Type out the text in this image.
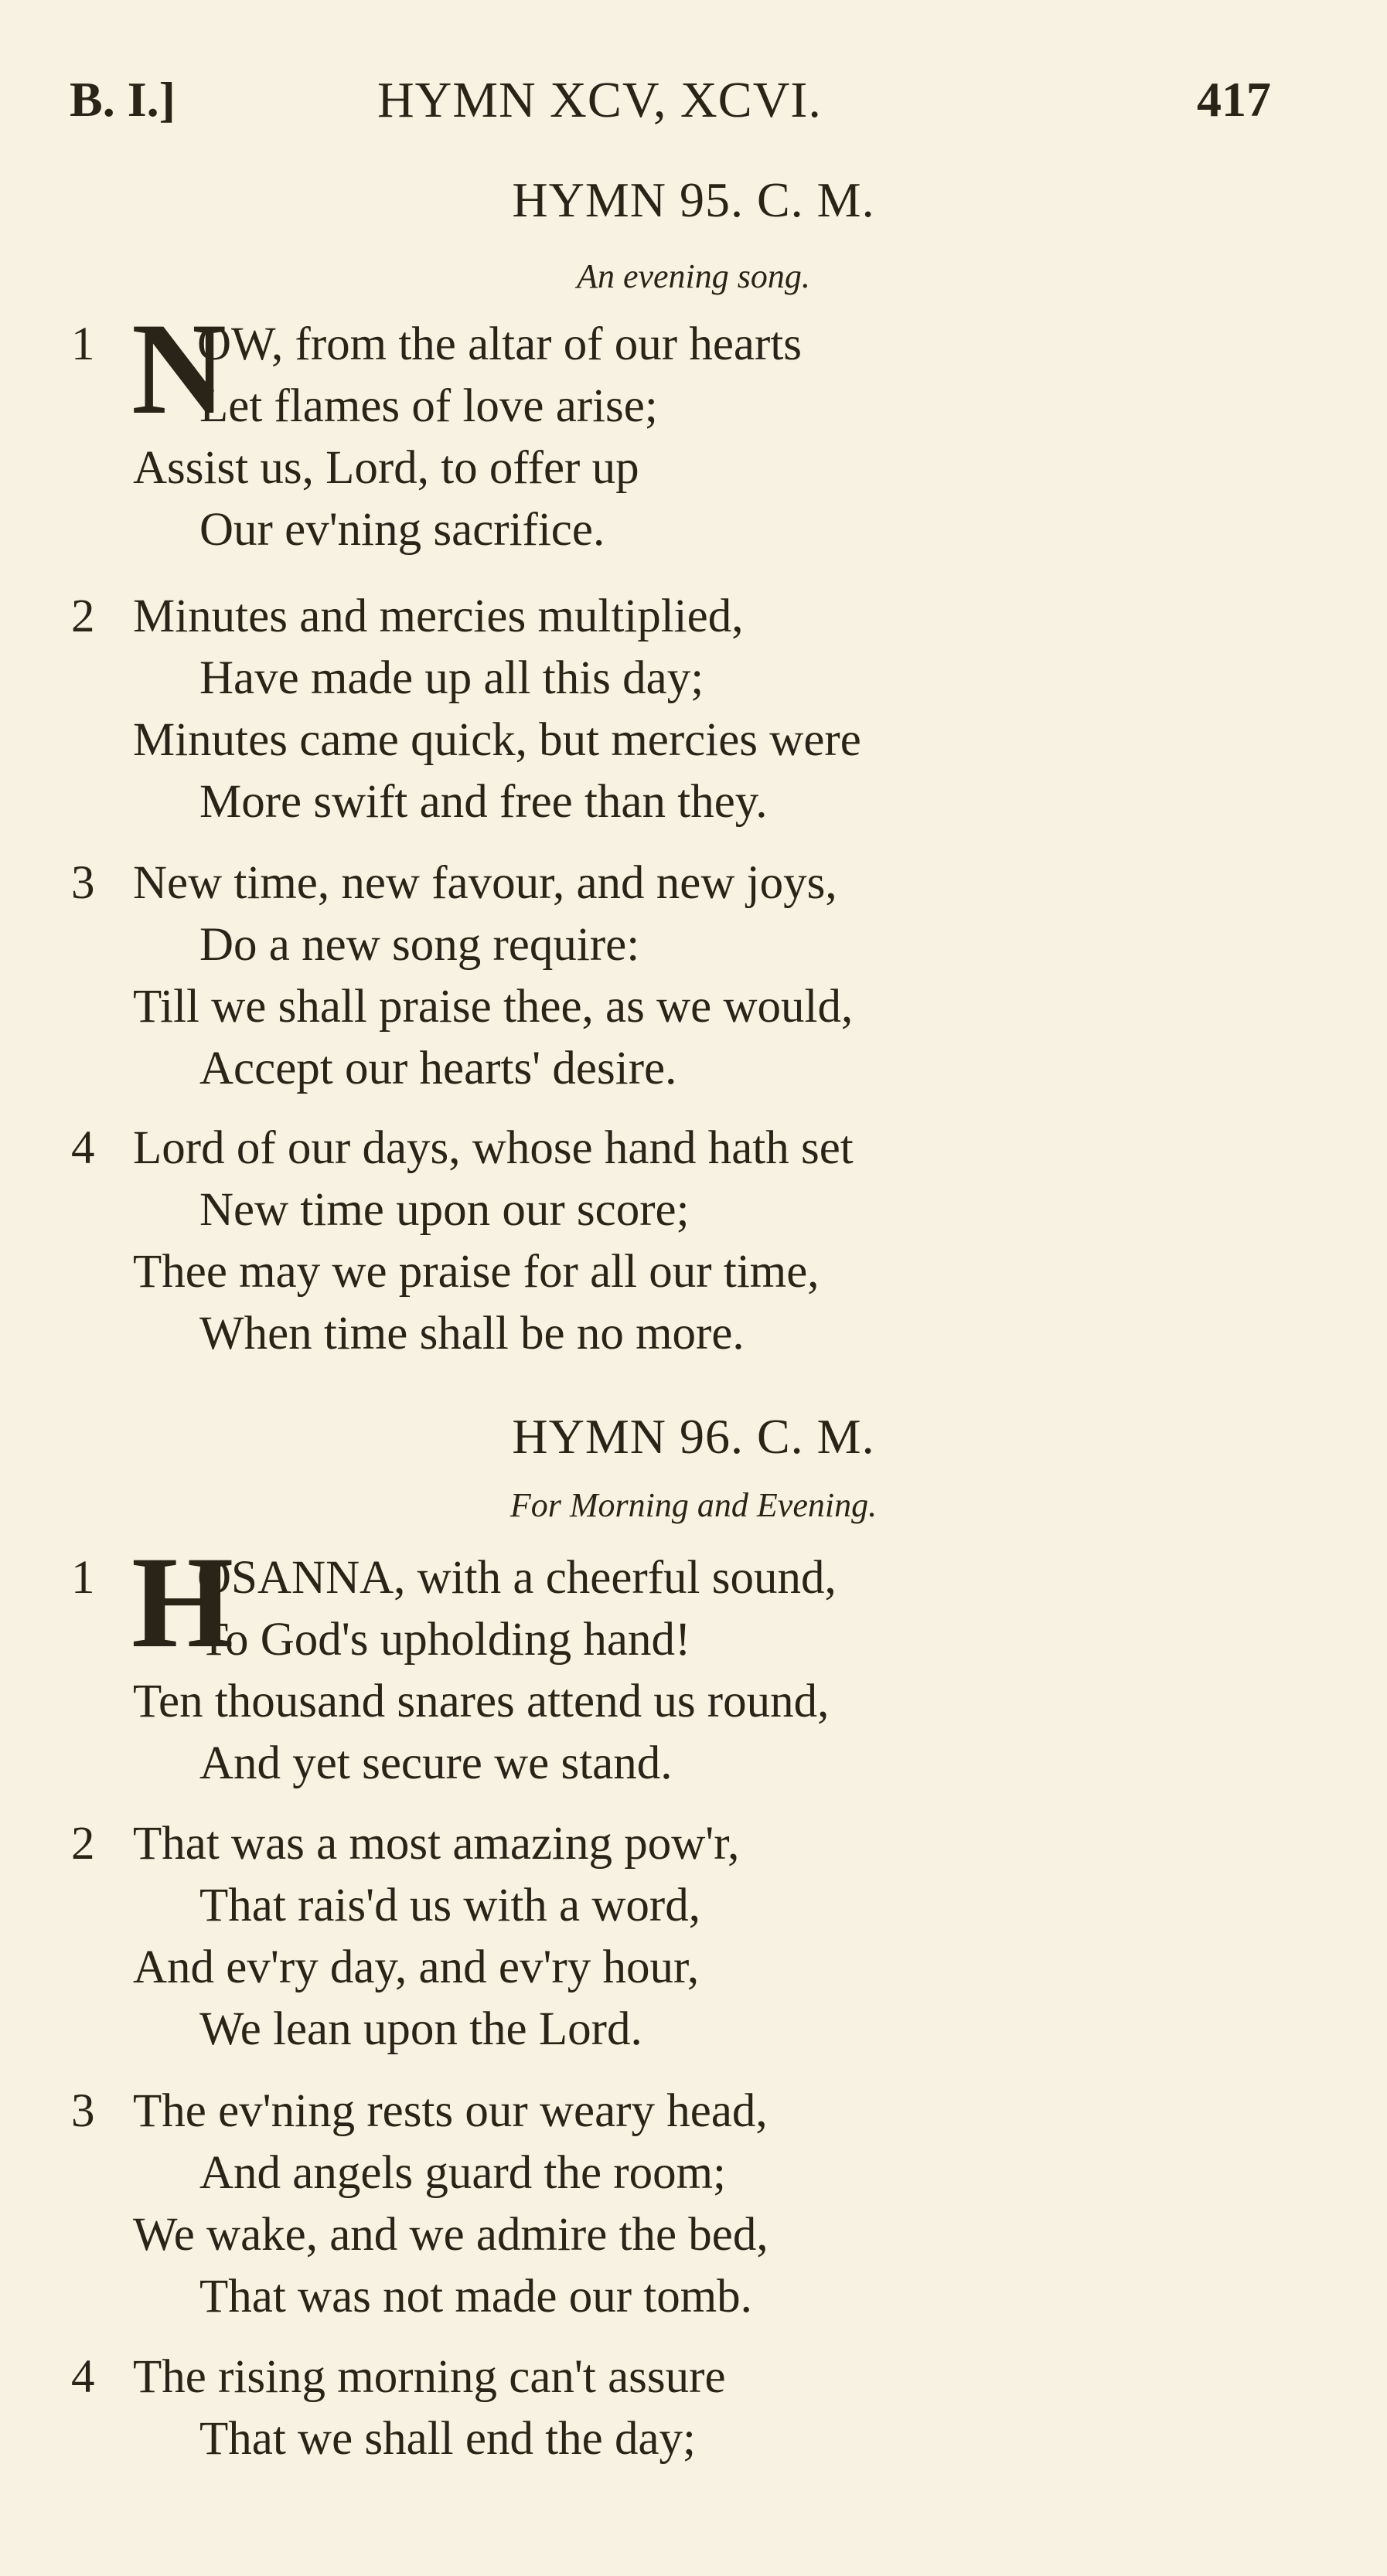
B. I.]	HYMN XCV, XCVI.	417
HYMN 95. C. M.
An evening song.
1 N
OW, from the altar of our hearts
Let flames of love arise;
Assist us, Lord, to offer up
Our ev'ning sacrifice.
2 Minutes and mercies multiplied,
Have made up all this day;
Minutes came quick, but mercies were
More swift and free than they.
3 New time, new favour, and new joys,
Do a new song require:
Till we shall praise thee, as we would,
Accept our hearts' desire.
4 Lord of our days, whose hand hath set
New time upon our score;
Thee may we praise for all our time,
When time shall be no more.
HYMN 96. C. M.
For Morning and Evening.
1 H
OSANNA, with a cheerful sound,
To God's upholding hand!
Ten thousand snares attend us round,
And yet secure we stand.
2 That was a most amazing pow'r,
That rais'd us with a word,
And ev'ry day, and ev'ry hour,
We lean upon the Lord.
3 The ev'ning rests our weary head,
And angels guard the room;
We wake, and we admire the bed,
That was not made our tomb.
4 The rising morning can't assure
That we shall end the day;
